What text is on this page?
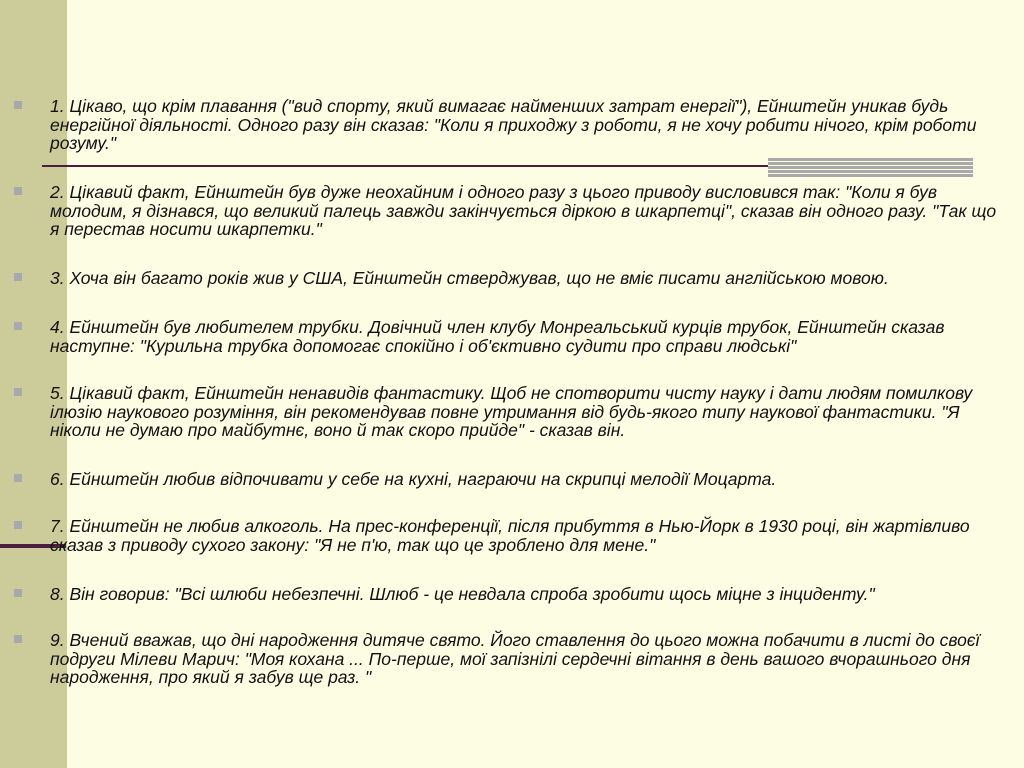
1. Цікаво, що крім плавання ("вид спорту, який вимагає найменших затрат енергії"), Ейнштейн уникав будь енергійної діяльності. Одного разу він сказав: "Коли я приходжу з роботи, я не хочу робити нічого, крім роботи розуму."
2. Цікавий факт, Ейнштейн був дуже неохайним і одного разу з цього приводу висловився так: "Коли я був молодим, я дізнався, що великий палець завжди закінчується діркою в шкарпетці", сказав він одного разу. "Так що я перестав носити шкарпетки."
3. Хоча він багато років жив у США, Ейнштейн стверджував, що не вміє писати англійською мовою.
4. Ейнштейн був любителем трубки. Довічний член клубу Монреальський курців трубок, Ейнштейн сказав наступне: "Курильна трубка допомогає спокійно і об'єктивно судити про справи людські"
5. Цікавий факт, Ейнштейн ненавидів фантастику. Щоб не спотворити чисту науку і дати людям помилкову ілюзію наукового розуміння, він рекомендував повне утримання від будь-якого типу наукової фантастики. "Я ніколи не думаю про майбутнє, воно й так скоро прийде" - сказав він.
6. Ейнштейн любив відпочивати у себе на кухні, награючи на скрипці мелодії Моцарта.
7. Ейнштейн не любив алкоголь. На прес-конференції, після прибуття в Нью-Йорк в 1930 році, він жартівливо сказав з приводу сухого закону: "Я не п'ю, так що це зроблено для мене."
8. Він говорив: "Всі шлюби небезпечні. Шлюб - це невдала спроба зробити щось міцне з інциденту."
9. Вчений вважав, що дні народження дитяче свято. Його ставлення до цього можна побачити в листі до своєї подруги Мілеви Марич: "Моя кохана ... По-перше, мої запізнілі сердечні вітання в день вашого вчорашнього дня народження, про який я забув ще раз. "
